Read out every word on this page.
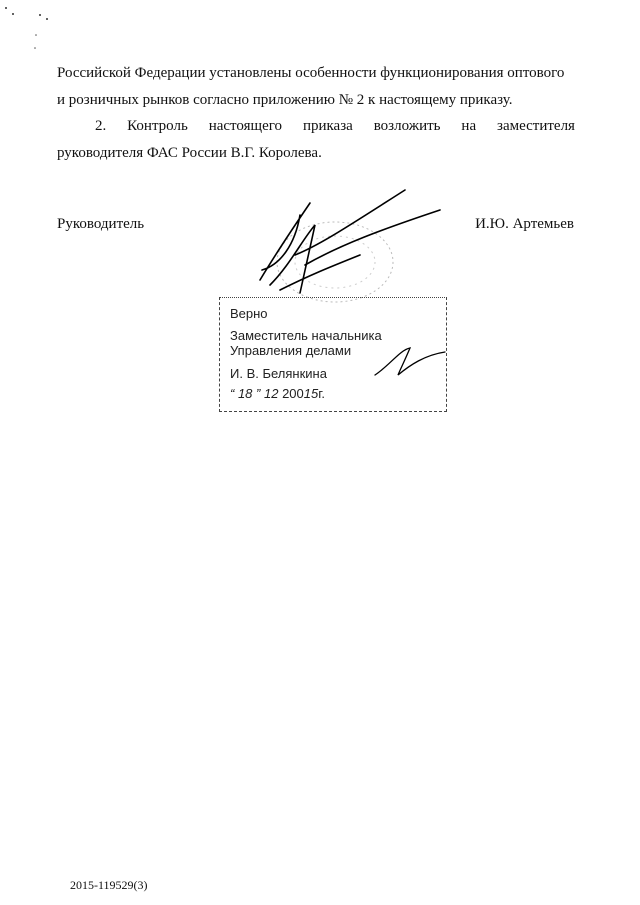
Российской Федерации установлены особенности функционирования оптового
и розничных рынков согласно приложению № 2 к настоящему приказу.
2. Контроль настоящего приказа возложить на заместителя
руководителя ФАС России В.Г. Королева.
Руководитель	И.Ю. Артемьев
Верно
Заместитель начальника
Управления делами
И. В. Белянкина
“ 18 ” 12 20015г.
2015-119529(3)
